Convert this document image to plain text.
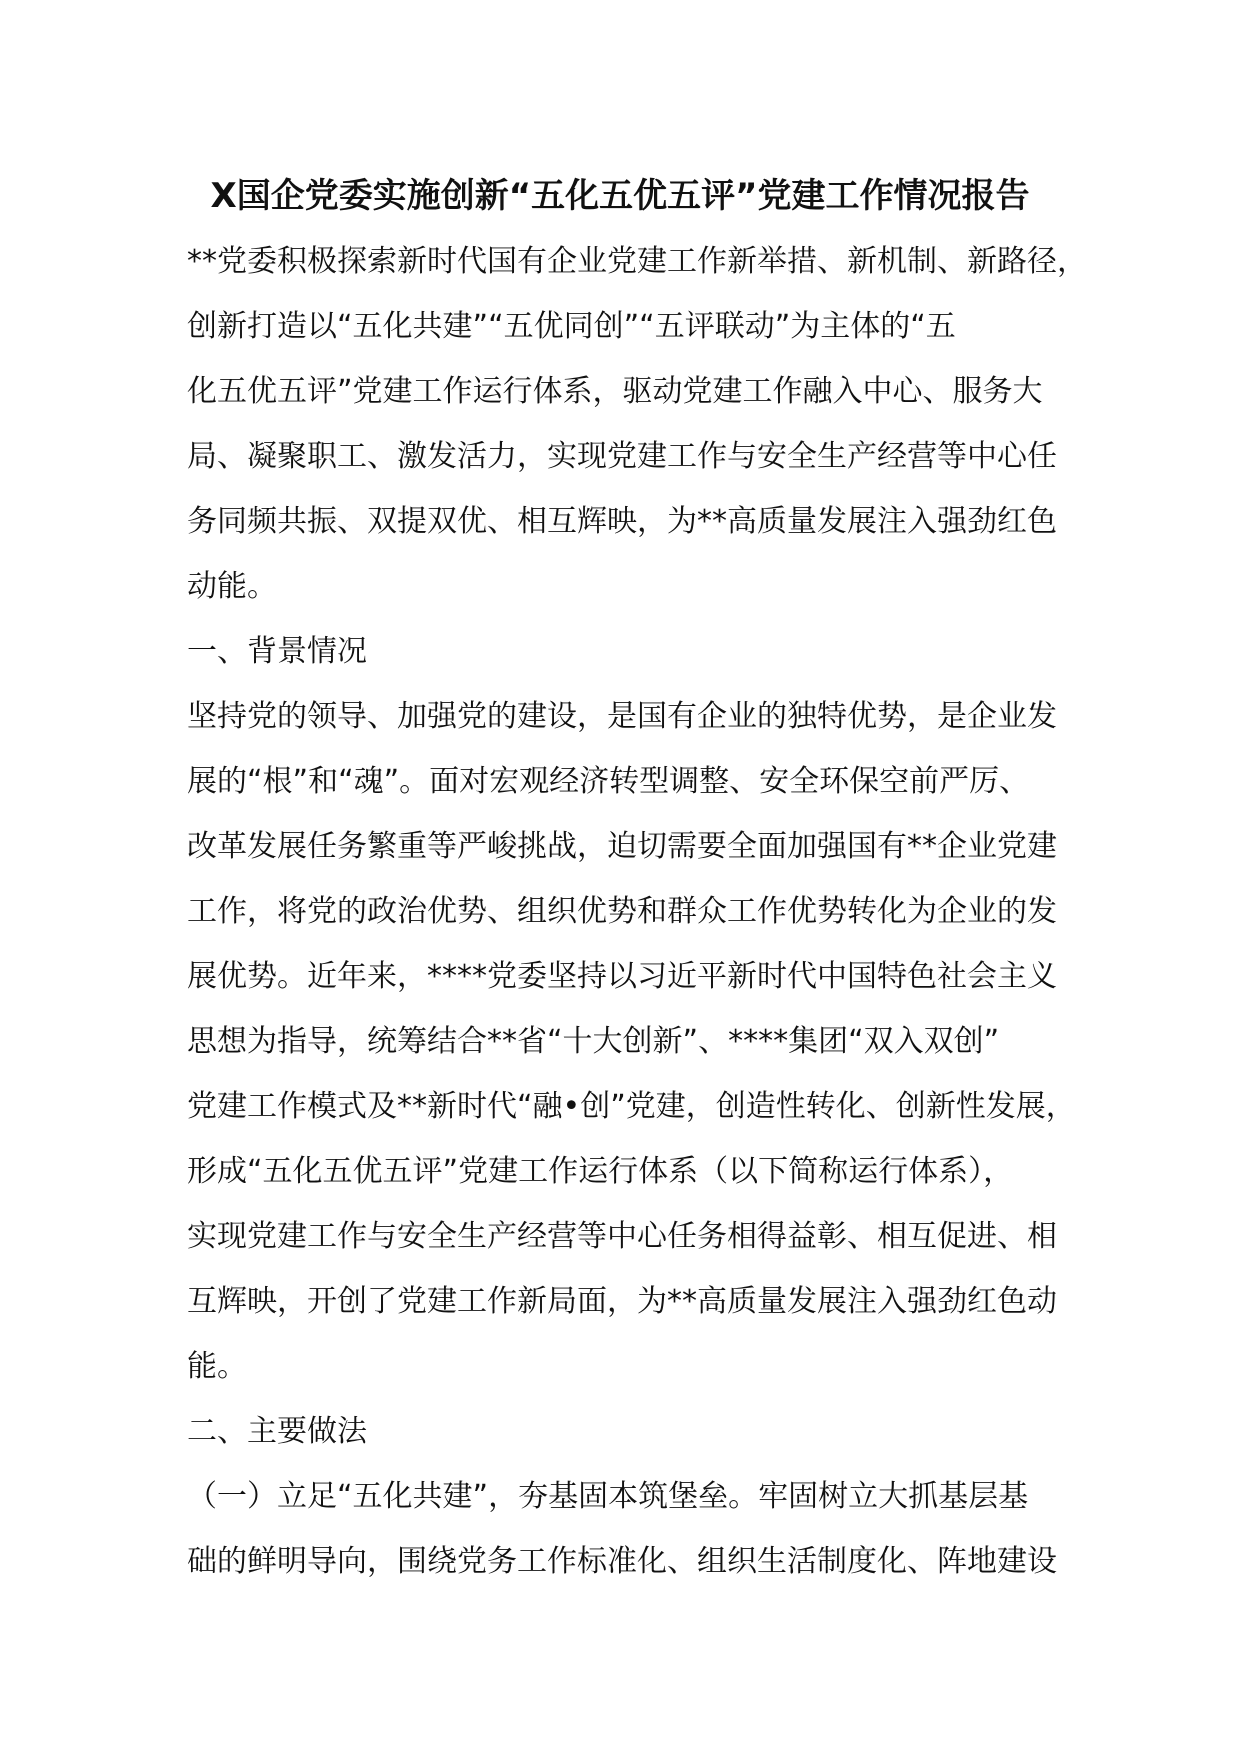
X国企党委实施创新“五化五优五评”党建工作情况报告
**党委积极探索新时代国有企业党建工作新举措、新机制、新路径，
创新打造以“五化共建”“五优同创”“五评联动”为主体的“五
化五优五评”党建工作运行体系，驱动党建工作融入中心、服务大
局、凝聚职工、激发活力，实现党建工作与安全生产经营等中心任
务同频共振、双提双优、相互辉映，为**高质量发展注入强劲红色
动能。
一、背景情况
坚持党的领导、加强党的建设，是国有企业的独特优势，是企业发
展的“根”和“魂”。面对宏观经济转型调整、安全环保空前严厉、
改革发展任务繁重等严峻挑战，迫切需要全面加强国有**企业党建
工作，将党的政治优势、组织优势和群众工作优势转化为企业的发
展优势。近年来，****党委坚持以习近平新时代中国特色社会主义
思想为指导，统筹结合**省“十大创新”、****集团“双入双创”
党建工作模式及**新时代“融•创”党建，创造性转化、创新性发展，
形成“五化五优五评”党建工作运行体系（以下简称运行体系），
实现党建工作与安全生产经营等中心任务相得益彰、相互促进、相
互辉映，开创了党建工作新局面，为**高质量发展注入强劲红色动
能。
二、主要做法
（一）立足“五化共建”，夯基固本筑堡垒。牢固树立大抓基层基
础的鲜明导向，围绕党务工作标准化、组织生活制度化、阵地建设
